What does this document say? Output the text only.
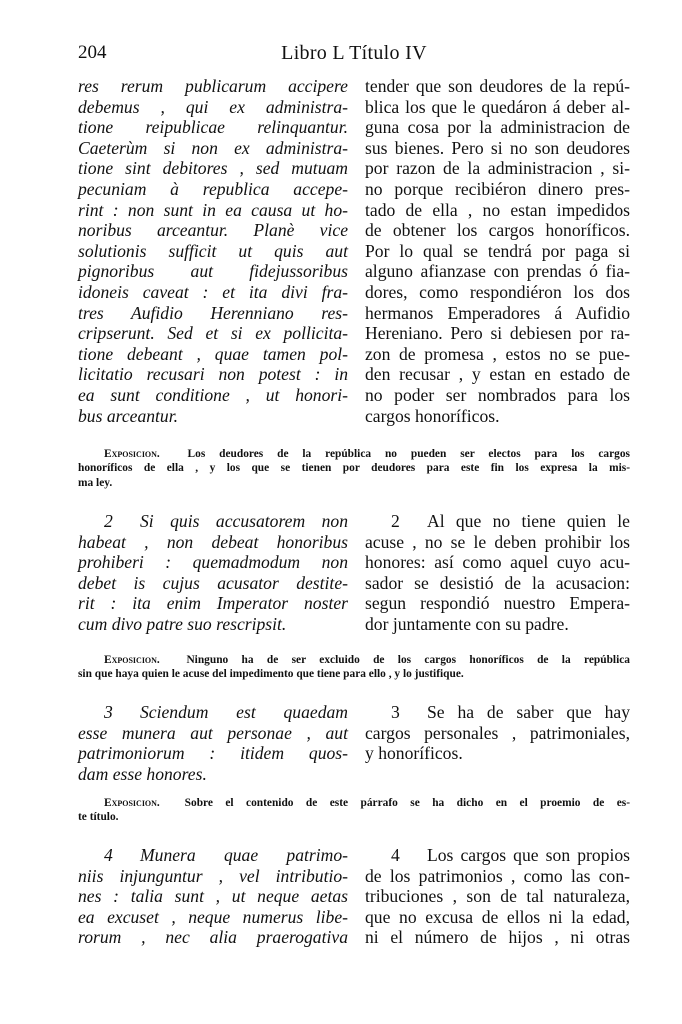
204	Libro L Título IV
res rerum publicarum accipere
debemus , qui ex administra-
tione reipublicae relinquantur.
Caeterùm si non ex administra-
tione sint debitores , sed mutuam
pecuniam à republica accepe-
rint : non sunt in ea causa ut ho-
noribus arceantur. Planè vice
solutionis sufficit ut quis aut
pignoribus aut fidejussoribus
idoneis caveat : et ita divi fra-
tres Aufidio Herenniano res-
cripserunt. Sed et si ex pollicita-
tione debeant , quae tamen pol-
licitatio recusari non potest : in
ea sunt conditione , ut honori-
bus arceantur.
tender que son deudores de la repú-
blica los que le quedáron á deber al-
guna cosa por la administracion de
sus bienes. Pero si no son deudores
por razon de la administracion , si-
no porque recibiéron dinero pres-
tado de ella , no estan impedidos
de obtener los cargos honoríficos.
Por lo qual se tendrá por paga si
alguno afianzase con prendas ó fia-
dores, como respondiéron los dos
hermanos Emperadores á Aufidio
Hereniano. Pero si debiesen por ra-
zon de promesa , estos no se pue-
den recusar , y estan en estado de
no poder ser nombrados para los
cargos honoríficos.
Exposicion. Los deudores de la república no pueden ser electos para los cargos
honoríficos de ella , y los que se tienen por deudores para este fin los expresa la mis-
ma ley.
2 Si quis accusatorem non
habeat , non debeat honoribus
prohiberi : quemadmodum non
debet is cujus acusator destite-
rit : ita enim Imperator noster
cum divo patre suo rescripsit.
2 Al que no tiene quien le
acuse , no se le deben prohibir los
honores: así como aquel cuyo acu-
sador se desistió de la acusacion:
segun respondió nuestro Empera-
dor juntamente con su padre.
Exposicion. Ninguno ha de ser excluido de los cargos honoríficos de la república
sin que haya quien le acuse del impedimento que tiene para ello , y lo justifique.
3 Sciendum est quaedam
esse munera aut personae , aut
patrimoniorum : itidem quos-
dam esse honores.
3 Se ha de saber que hay
cargos personales , patrimoniales,
y honoríficos.
Exposicion. Sobre el contenido de este párrafo se ha dicho en el proemio de es-
te título.
4 Munera quae patrimo-
niis injunguntur , vel intributio-
nes : talia sunt , ut neque aetas
ea excuset , neque numerus libe-
rorum , nec alia praerogativa
4 Los cargos que son propios
de los patrimonios , como las con-
tribuciones , son de tal naturaleza,
que no excusa de ellos ni la edad,
ni el número de hijos , ni otras
